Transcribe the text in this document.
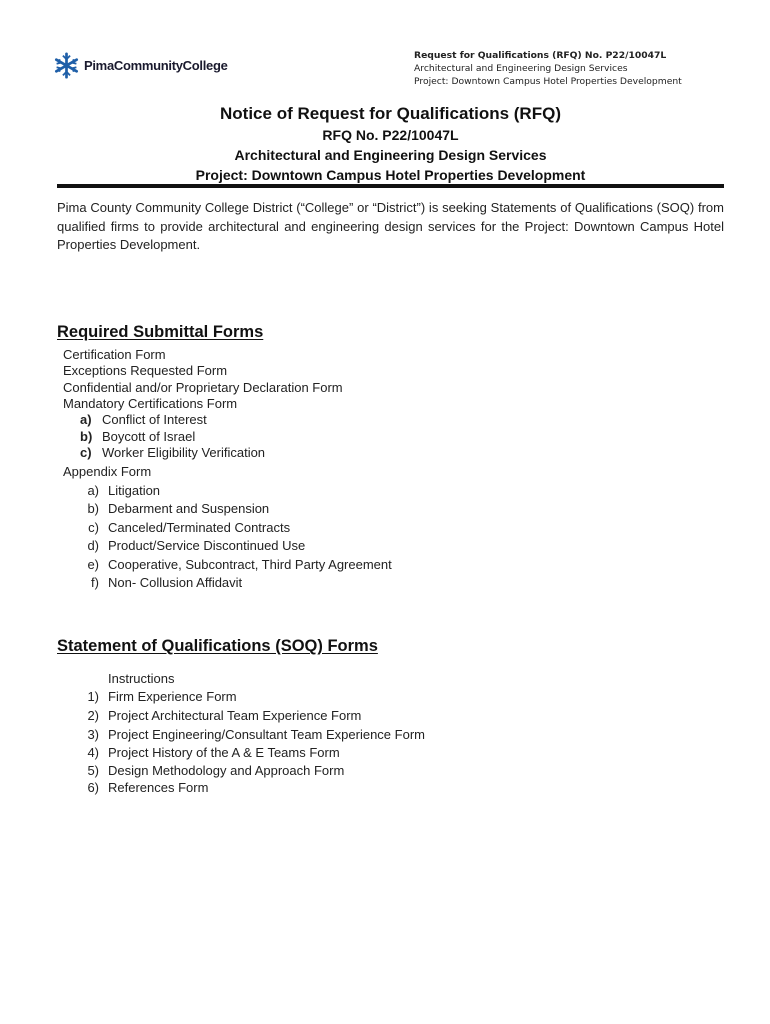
PimaCommunityCollege
Request for Qualifications (RFQ) No. P22/10047L
Architectural and Engineering Design Services
Project: Downtown Campus Hotel Properties Development
Notice of Request for Qualifications (RFQ)
RFQ No. P22/10047L
Architectural and Engineering Design Services
Project: Downtown Campus Hotel Properties Development
Pima County Community College District (“College” or “District”) is seeking Statements of Qualifications (SOQ) from qualified firms to provide architectural and engineering design services for the Project: Downtown Campus Hotel Properties Development.
Required Submittal Forms
Certification Form
Exceptions Requested Form
Confidential and/or Proprietary Declaration Form
Mandatory Certifications Form
a) Conflict of Interest
b) Boycott of Israel
c) Worker Eligibility Verification
Appendix Form
a) Litigation
b) Debarment and Suspension
c) Canceled/Terminated Contracts
d) Product/Service Discontinued Use
e) Cooperative, Subcontract, Third Party Agreement
f) Non- Collusion Affidavit
Statement of Qualifications (SOQ) Forms
Instructions
1) Firm Experience Form
2) Project Architectural Team Experience Form
3) Project Engineering/Consultant Team Experience Form
4) Project History of the A & E Teams Form
5) Design Methodology and Approach Form
6) References Form
